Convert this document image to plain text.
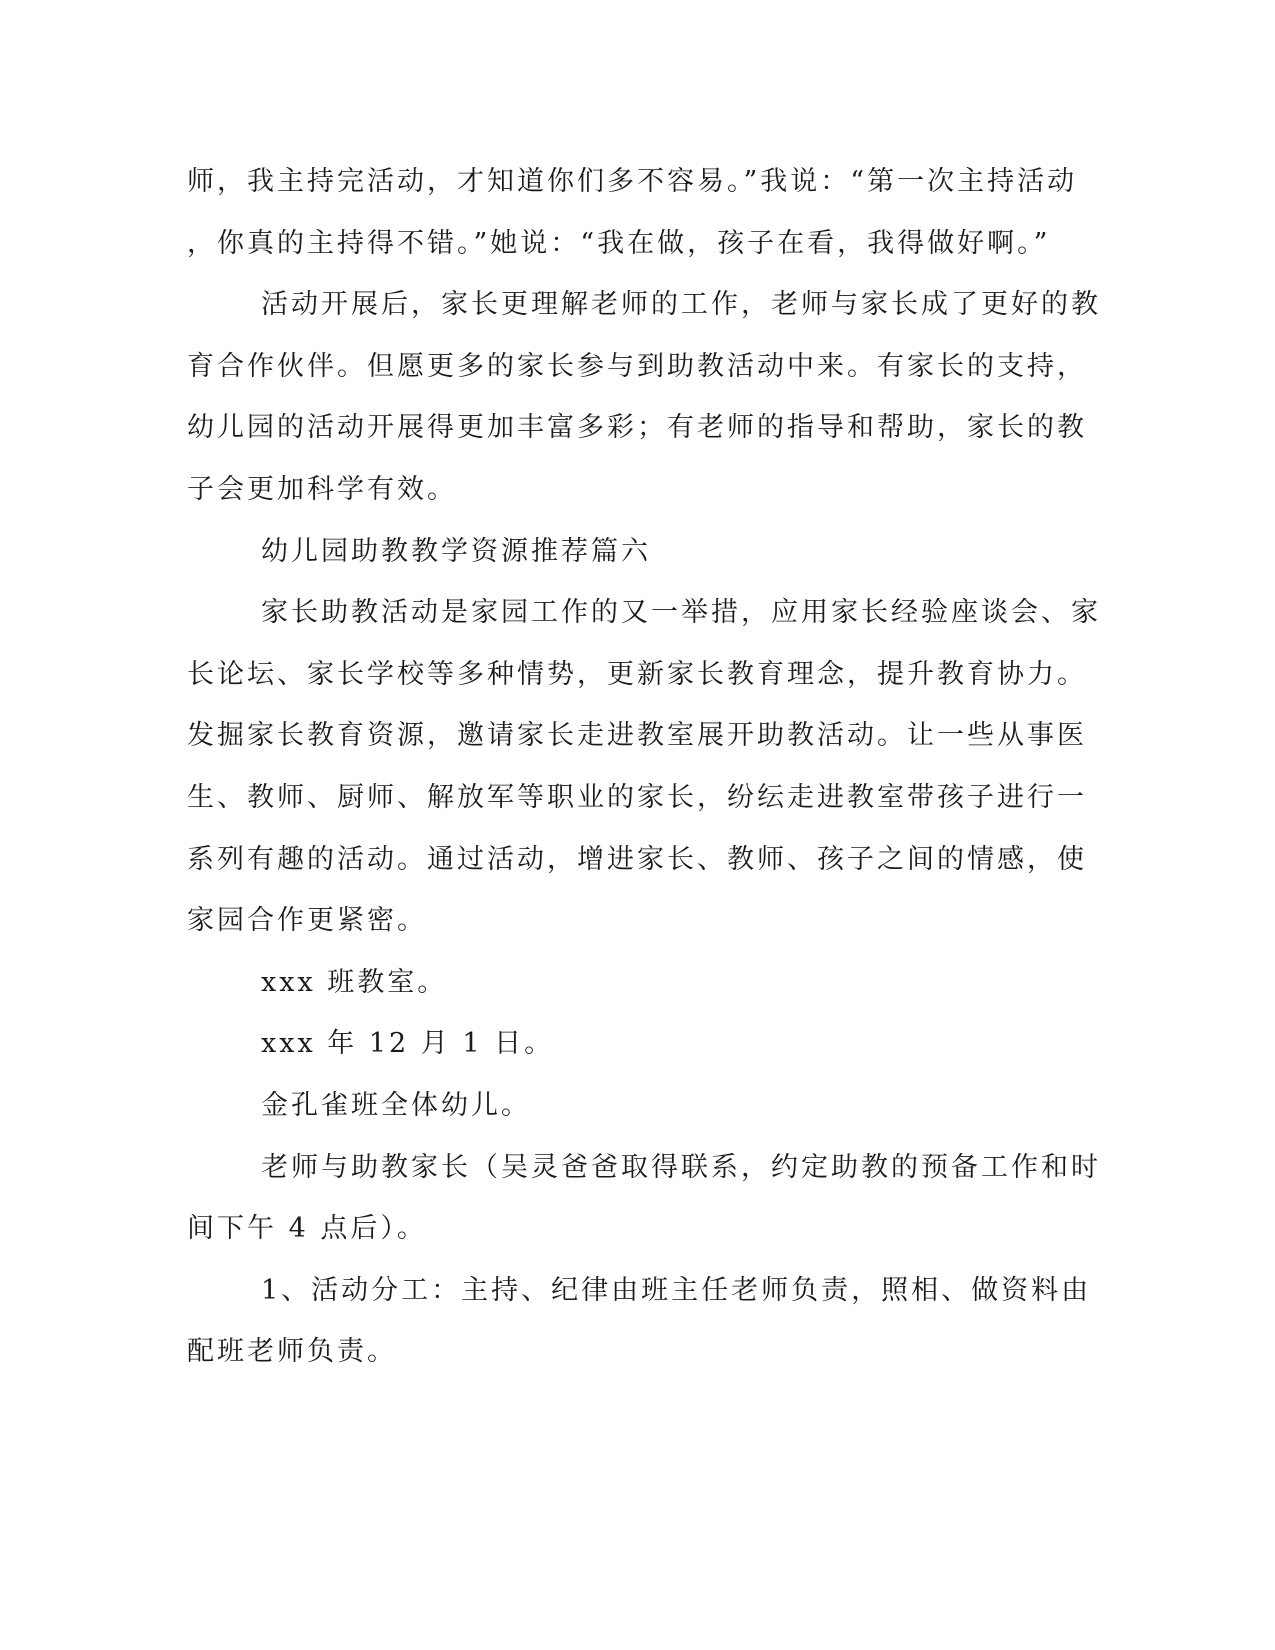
师，我主持完活动，才知道你们多不容易。”我说：“第一次主持活动
，你真的主持得不错。”她说：“我在做，孩子在看，我得做好啊。”
活动开展后，家长更理解老师的工作，老师与家长成了更好的教
育合作伙伴。但愿更多的家长参与到助教活动中来。有家长的支持，
幼儿园的活动开展得更加丰富多彩；有老师的指导和帮助，家长的教
子会更加科学有效。
幼儿园助教教学资源推荐篇六
家长助教活动是家园工作的又一举措，应用家长经验座谈会、家
长论坛、家长学校等多种情势，更新家长教育理念，提升教育协力。
发掘家长教育资源，邀请家长走进教室展开助教活动。让一些从事医
生、教师、厨师、解放军等职业的家长，纷纭走进教室带孩子进行一
系列有趣的活动。通过活动，增进家长、教师、孩子之间的情感，使
家园合作更紧密。
xxx 班教室。
xxx 年 12 月 1 日。
金孔雀班全体幼儿。
老师与助教家长（吴灵爸爸取得联系，约定助教的预备工作和时
间下午 4 点后）。
1、活动分工：主持、纪律由班主任老师负责，照相、做资料由
配班老师负责。
